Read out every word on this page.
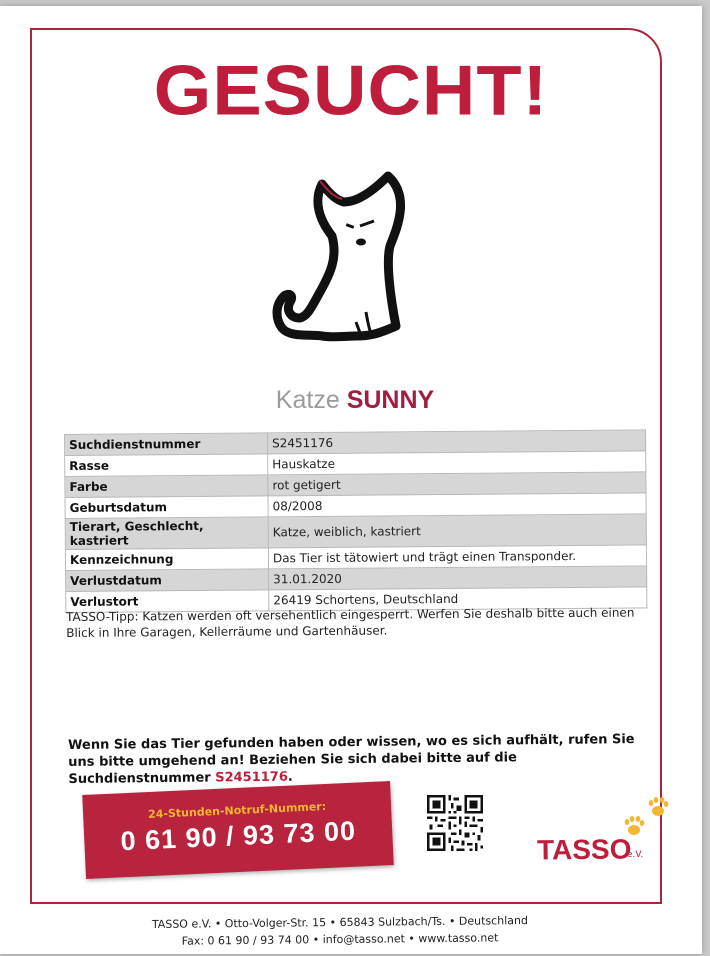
GESUCHT!
Katze SUNNY
Suchdienstnummer	S2451176
Rasse	Hauskatze
Farbe	rot getigert
Geburtsdatum	08/2008
Tierart, Geschlecht, kastriert	Katze, weiblich, kastriert
Kennzeichnung	Das Tier ist tätowiert und trägt einen Transponder.
Verlustdatum	31.01.2020
Verlustort	26419 Schortens, Deutschland
TASSO-Tipp: Katzen werden oft versehentlich eingesperrt. Werfen Sie deshalb bitte auch einen Blick in Ihre Garagen, Kellerräume und Gartenhäuser.
Wenn Sie das Tier gefunden haben oder wissen, wo es sich aufhält, rufen Sie uns bitte umgehend an! Beziehen Sie sich dabei bitte auf die Suchdienstnummer S2451176.
24-Stunden-Notruf-Nummer:
0 61 90 / 93 73 00	TASSO
e.V.
TASSO e.V. • Otto-Volger-Str. 15 • 65843 Sulzbach/Ts. • Deutschland
Fax: 0 61 90 / 93 74 00 • info@tasso.net • www.tasso.net
